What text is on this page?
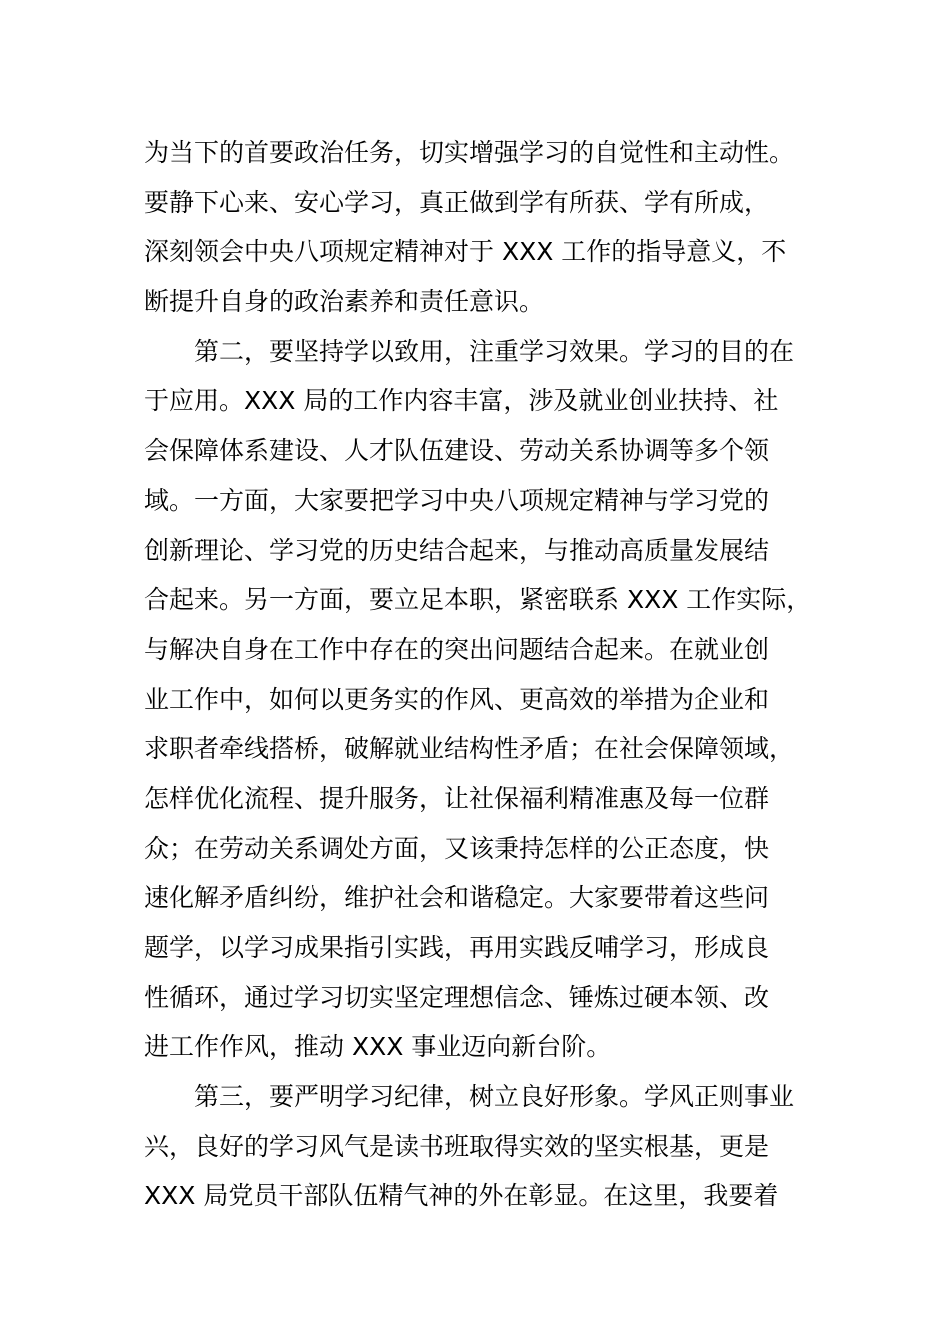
为当下的首要政治任务，切实增强学习的自觉性和主动性。
要静下心来、安心学习，真正做到学有所获、学有所成，
深刻领会中央八项规定精神对于 XXX 工作的指导意义，不
断提升自身的政治素养和责任意识。
　　第二，要坚持学以致用，注重学习效果。学习的目的在
于应用。XXX 局的工作内容丰富，涉及就业创业扶持、社
会保障体系建设、人才队伍建设、劳动关系协调等多个领
域。一方面，大家要把学习中央八项规定精神与学习党的
创新理论、学习党的历史结合起来，与推动高质量发展结
合起来。另一方面，要立足本职，紧密联系 XXX 工作实际，
与解决自身在工作中存在的突出问题结合起来。在就业创
业工作中，如何以更务实的作风、更高效的举措为企业和
求职者牵线搭桥，破解就业结构性矛盾；在社会保障领域，
怎样优化流程、提升服务，让社保福利精准惠及每一位群
众；在劳动关系调处方面，又该秉持怎样的公正态度，快
速化解矛盾纠纷，维护社会和谐稳定。大家要带着这些问
题学，以学习成果指引实践，再用实践反哺学习，形成良
性循环，通过学习切实坚定理想信念、锤炼过硬本领、改
进工作作风，推动 XXX 事业迈向新台阶。
　　第三，要严明学习纪律，树立良好形象。学风正则事业
兴，良好的学习风气是读书班取得实效的坚实根基，更是
XXX 局党员干部队伍精气神的外在彰显。在这里，我要着
